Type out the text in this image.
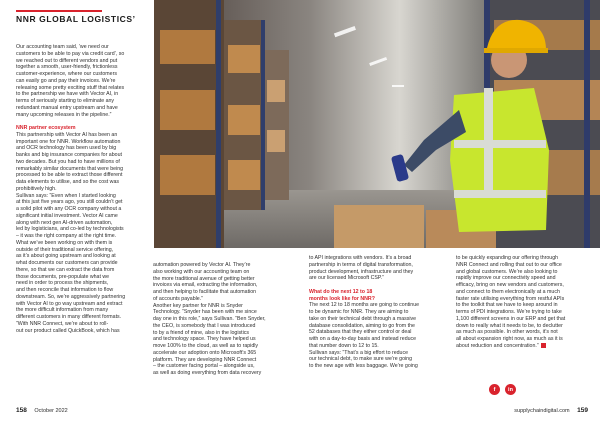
NNR GLOBAL LOGISTICS’

Our accounting team said, ‘we need our

customers to be able to pay via credit card’, so

we reached out to different vendors and put

together a smooth, user-friendly, frictionless

customer-experience, where our customers

can easily go and pay their invoices. We’re

releasing some pretty exciting stuff that relates

to the partnership we have with Vector AI, in

terms of seriously starting to eliminate any

redundant manual entry upstream and have

many upcoming releases in the pipeline.”

NNR partner ecosystem

This partnership with Vector AI has been an

important one for NNR. Workflow automation

and OCR technology has been used by big

banks and big insurance companies for about

two decades. But you had to have millions of

remarkably similar documents that were being

processed to be able to extract those different

data elements to utilise, and so the cost was

prohibitively high.

Sullivan says: “Even when I started looking

at this just five years ago, you still couldn’t get

a solid pilot with any OCR company without a

significant initial investment. Vector AI came

along with next gen AI-driven automation,

led by logisticians, and co-led by technologists

– it was the right company at the right time.

What we’ve been working on with them is

outside of their traditional service offering,

as it’s about going upstream and looking at

what documents our customers can provide

there, so that we can extract the data from

those documents, pre-populate what we

need in order to process the shipments,

and then reconcile that information to flow

downstream. So, we’re aggressively partnering

with Vector AI to go way upstream and extract

the more difficult information from many

different customers in many different formats.

“With NNR Connect, we’re about to roll-

out our product called QuickBook, which has

automation powered by Vector AI. They’re

also working with our accounting team on

the more traditional avenue of getting better

invoices via email, extracting the information,

and then helping to facilitate that automation

of accounts payable.”

Another key partner for NNR is Snyder

Technology. “Snyder has been with me since

day one in this role,” says Sullivan. “Ben Snyder,

the CEO, is somebody that I was introduced

to by a friend of mine, also in the logistics

and technology space. They have helped us

move 100% to the cloud, as well as to rapidly

accelerate our adoption onto Microsoft’s 365

platform. They are developing NNR Connect

– the customer facing portal – alongside us,

as well as doing everything from data recovery

to API integrations with vendors. It’s a broad

partnership in terms of digital transformation,

product development, infrastructure and they

are our licensed Microsoft CSP.”

What do the next 12 to 18

months look like for NNR?

The next 12 to 18 months are going to continue

to be dynamic for NNR. They are aiming to

take on their technical debt through a massive

database consolidation, aiming to go from the

52 databases that they either control or deal

with on a day-to-day basis and instead reduce

that number down to 12 to 15.

Sullivan says: “That’s a big effort to reduce

our technical debt, to make sure we’re going

to the new age with less baggage. We’re going

to be quickly expanding our offering through

NNR Connect and rolling that out to our office

and global customers. We’re also looking to

rapidly improve our connectivity speed and

efficacy, bring on new vendors and customers,

and connect to them electronically at a much

faster rate utilising everything from restful APIs

to the toolkit that we have to keep around in

terms of PDI integrations. We’re trying to take

1,100 different screens in our ERP and get that

down to really what it needs to be, to declutter

as much as possible. In other words, it’s not

all about expansion right now, as much as it is

about reduction and concentration.”

f	in
158 October 2022	supplychaindigital.com 159
